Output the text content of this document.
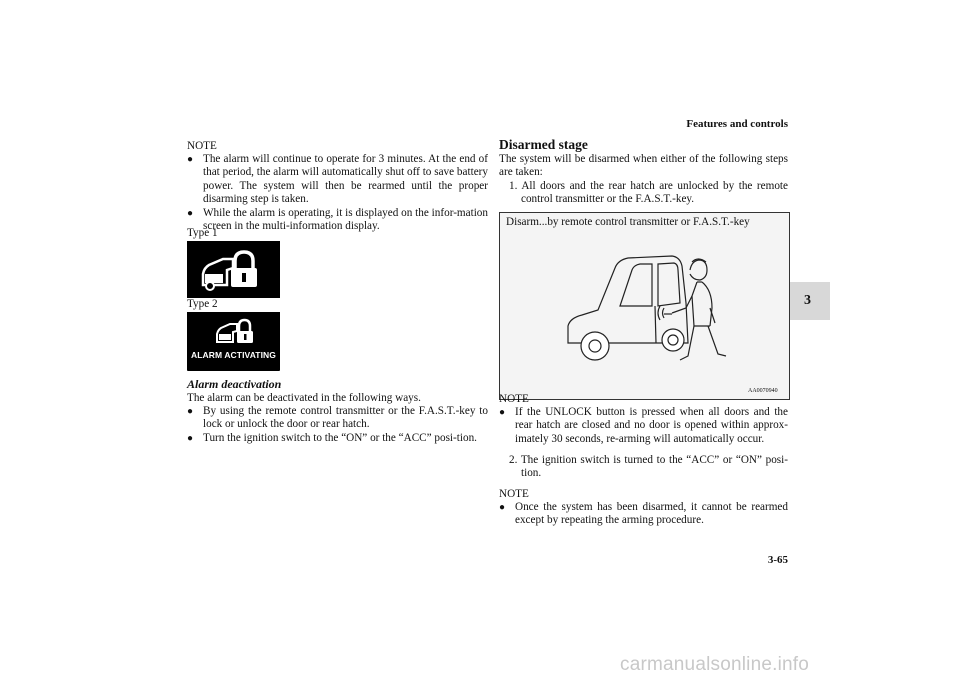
Features and controls
3
NOTE
● The alarm will continue to operate for 3 minutes. At the end of that period, the alarm will automatically shut off to save battery power. The system will then be rearmed until the proper disarming step is taken.
● While the alarm is operating, it is displayed on the infor-mation screen in the multi-information display.
Type 1
Type 2
ALARM ACTIVATING
Alarm deactivation
The alarm can be deactivated in the following ways.
● By using the remote control transmitter or the F.A.S.T.-key to lock or unlock the door or rear hatch.
● Turn the ignition switch to the “ON” or the “ACC” posi-tion.
Disarmed stage
The system will be disarmed when either of the following steps are taken:
1. All doors and the rear hatch are unlocked by the remote control transmitter or the F.A.S.T.-key.
Disarm...by remote control transmitter or F.A.S.T.-key
AA0070940
NOTE
● If the UNLOCK button is pressed when all doors and the rear hatch are closed and no door is opened within approx-imately 30 seconds, re-arming will automatically occur.
2. The ignition switch is turned to the “ACC” or “ON” posi-tion.
NOTE
● Once the system has been disarmed, it cannot be rearmed except by repeating the arming procedure.
3-65
carmanualsonline.info
